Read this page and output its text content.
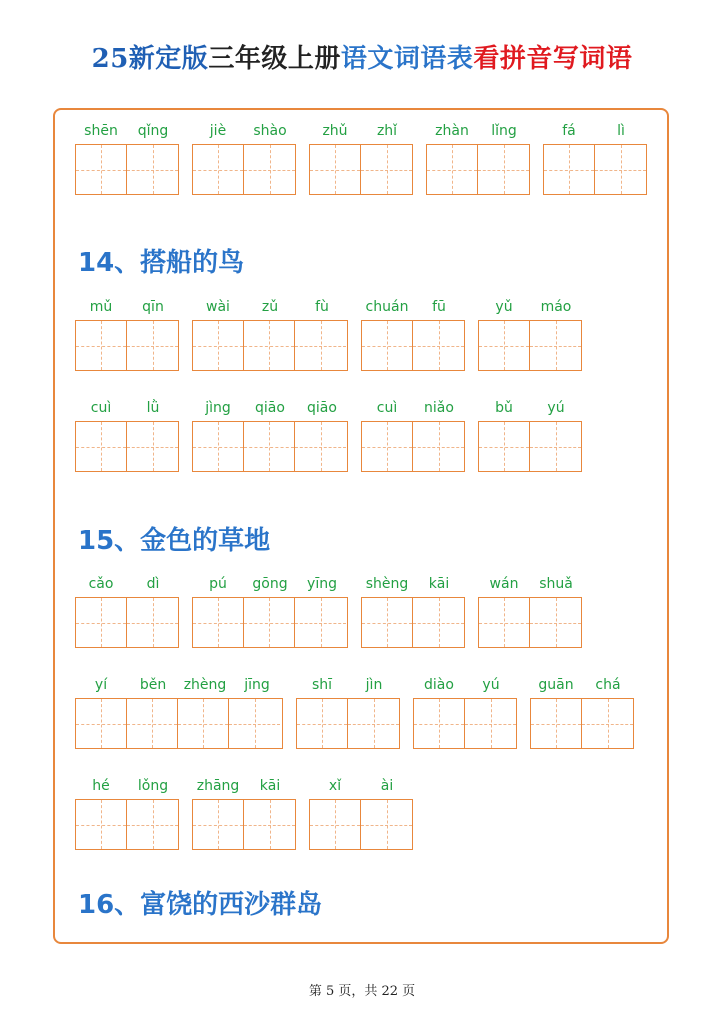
25新定版三年级上册语文词语表看拼音写词语
shēn	qǐng	jiè	shào	zhǔ	zhǐ	zhàn	lǐng	fá	lì
14、搭船的鸟
mǔ	qīn	wài	zǔ	fù	chuán	fū	yǔ	máo
cuì	lǜ	jìng	qiāo	qiāo	cuì	niǎo	bǔ	yú
15、金色的草地
cǎo	dì	pú	gōng	yīng	shèng	kāi	wán	shuǎ
yí	běn	zhèng	jīng	shī	jìn	diào	yú	guān	chá
hé	lǒng	zhāng	kāi	xǐ	ài
16、富饶的西沙群岛
第 5 页，共 22 页
